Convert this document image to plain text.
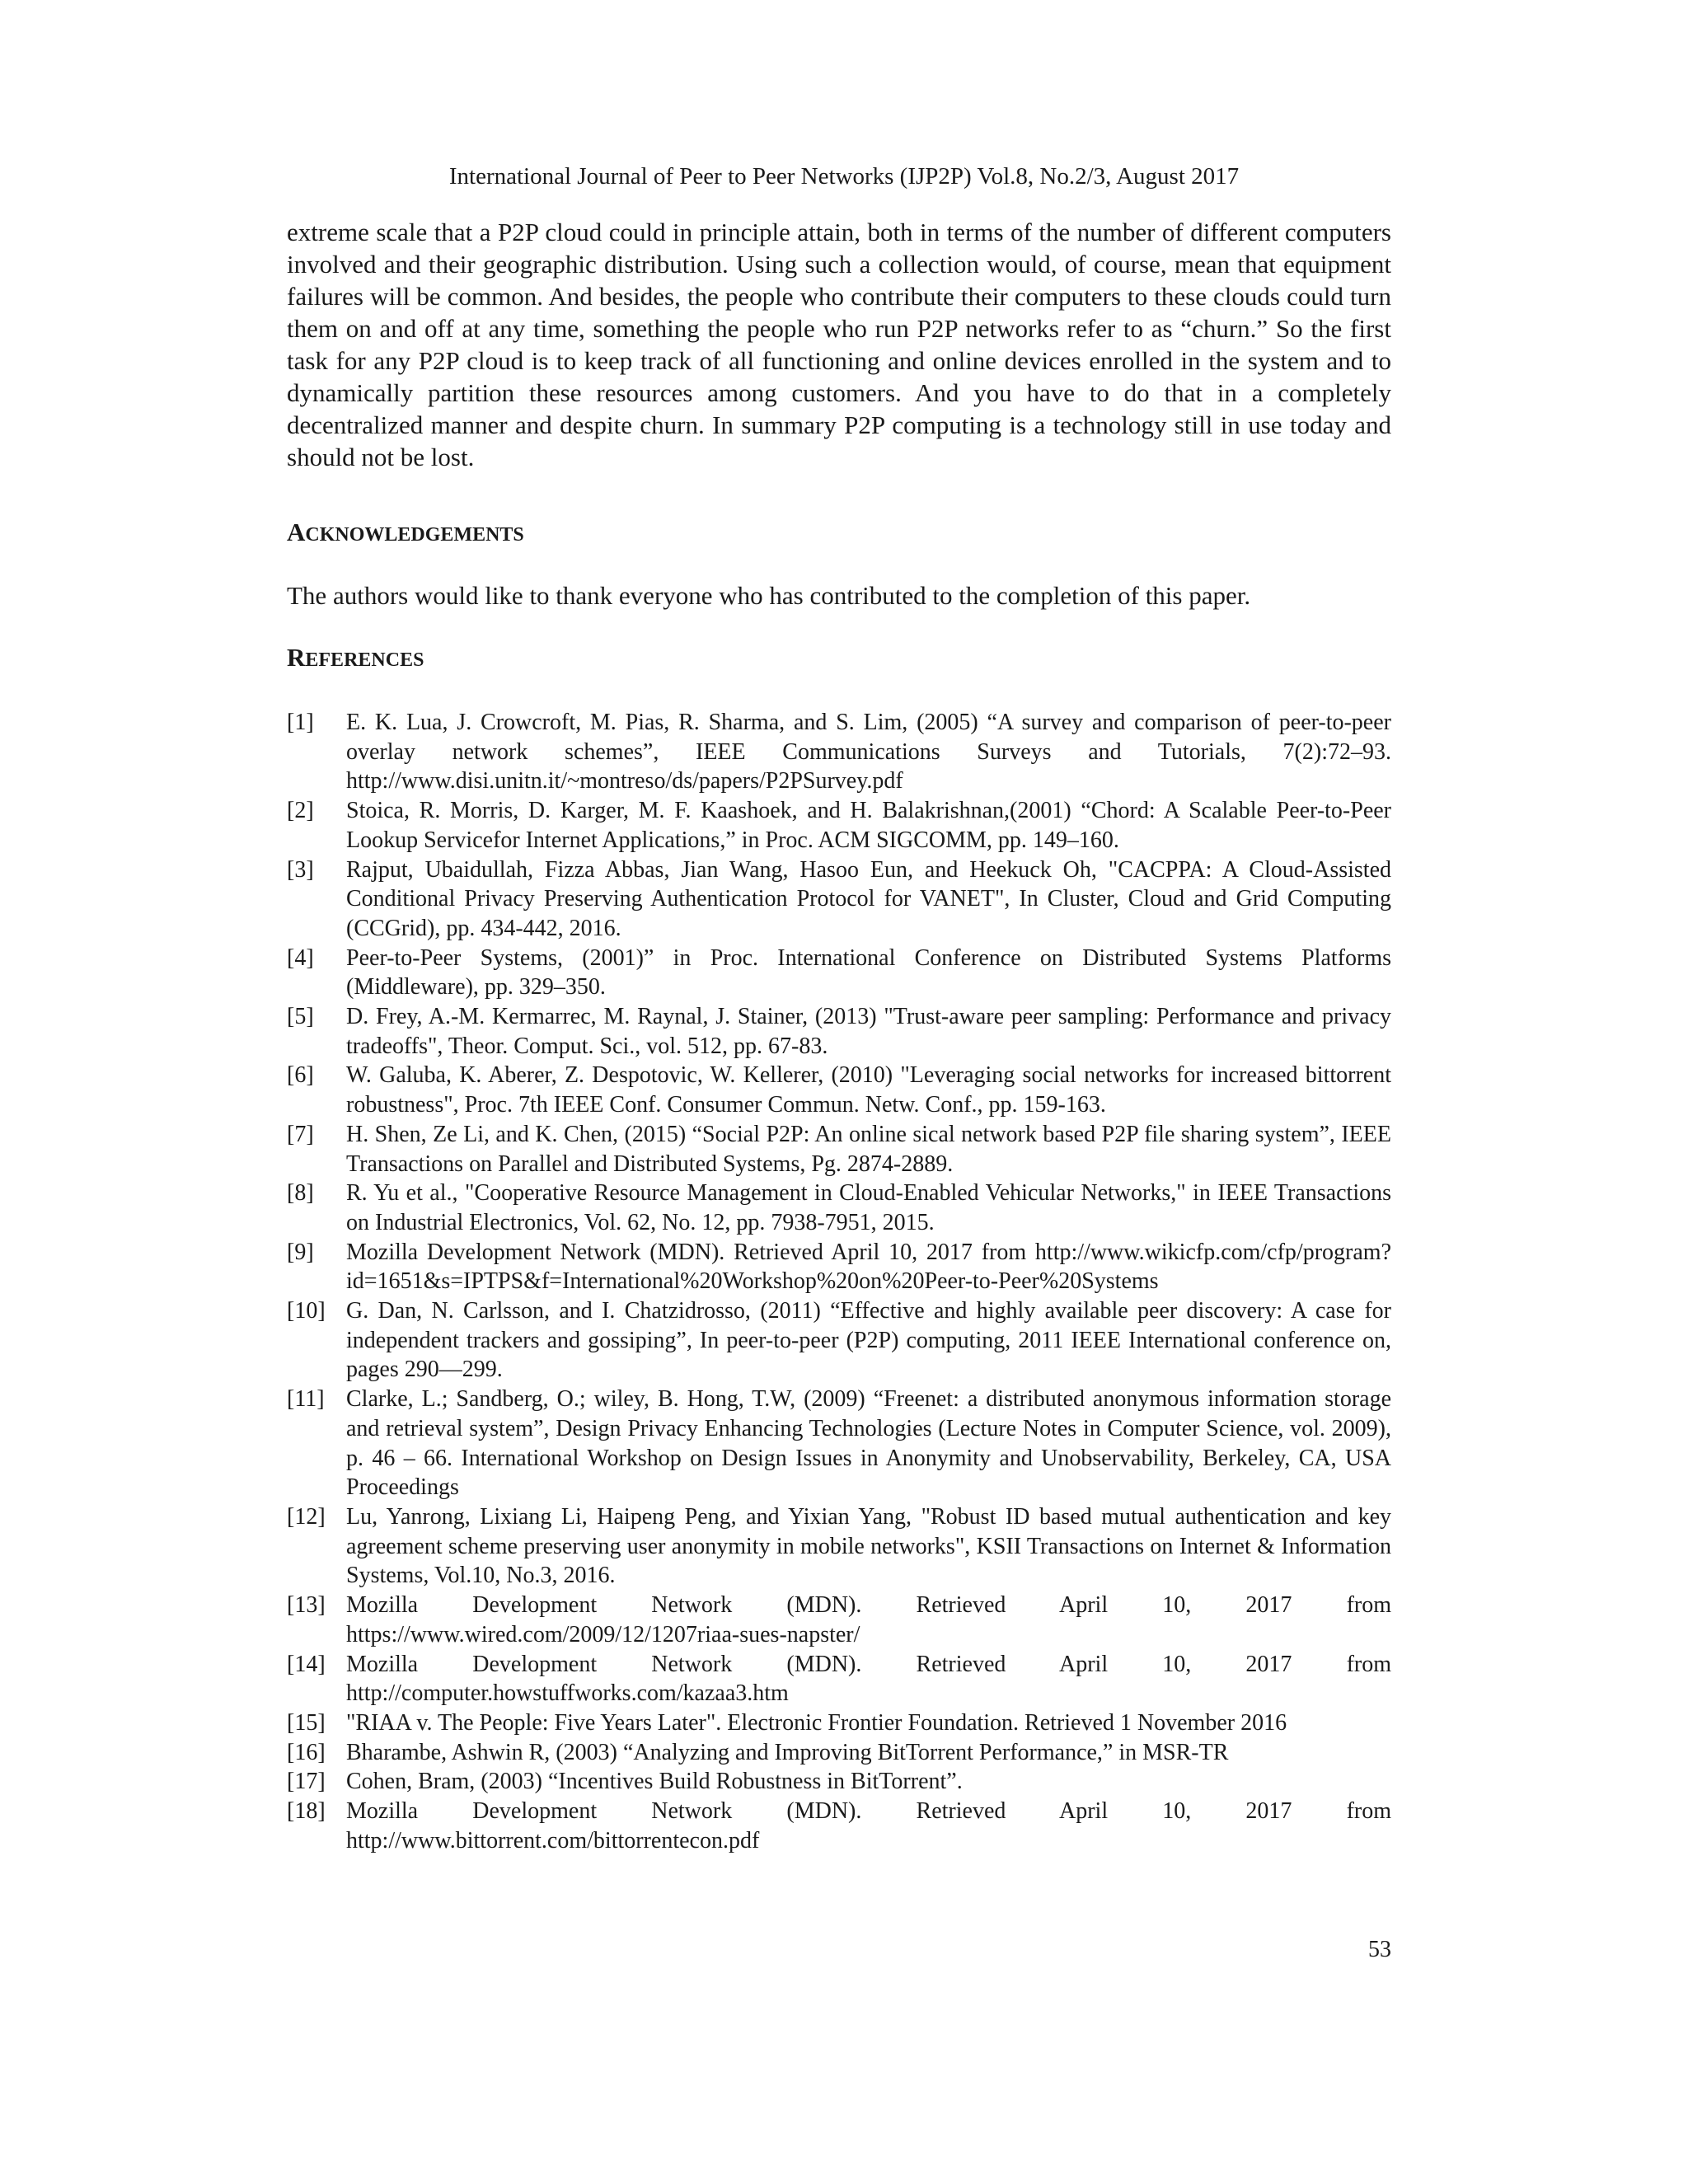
International Journal of Peer to Peer Networks (IJP2P) Vol.8, No.2/3, August 2017

extreme scale that a P2P cloud could in principle attain, both in terms of the number of different computers involved and their geographic distribution. Using such a collection would, of course, mean that equipment failures will be common. And besides, the people who contribute their computers to these clouds could turn them on and off at any time, something the people who run P2P networks refer to as “churn.” So the first task for any P2P cloud is to keep track of all functioning and online devices enrolled in the system and to dynamically partition these resources among customers. And you have to do that in a completely decentralized manner and despite churn. In summary P2P computing is a technology still in use today and should not be lost.

ACKNOWLEDGEMENTS

The authors would like to thank everyone who has contributed to the completion of this paper.

REFERENCES
[1]	E. K. Lua, J. Crowcroft, M. Pias, R. Sharma, and S. Lim, (2005) “A survey and comparison of peer-to-peer overlay network schemes”, IEEE Communications Surveys and Tutorials, 7(2):72–93. http://www.disi.unitn.it/~montreso/ds/papers/P2PSurvey.pdf
[2]	Stoica, R. Morris, D. Karger, M. F. Kaashoek, and H. Balakrishnan,(2001) “Chord: A Scalable Peer-to-Peer Lookup Servicefor Internet Applications,” in Proc. ACM SIGCOMM, pp. 149–160.
[3]	Rajput, Ubaidullah, Fizza Abbas, Jian Wang, Hasoo Eun, and Heekuck Oh, "CACPPA: A Cloud-Assisted Conditional Privacy Preserving Authentication Protocol for VANET", In Cluster, Cloud and Grid Computing (CCGrid), pp. 434-442, 2016.
[4]	Peer-to-Peer Systems, (2001)” in Proc. International Conference on Distributed Systems Platforms (Middleware), pp. 329–350.
[5]	D. Frey, A.-M. Kermarrec, M. Raynal, J. Stainer, (2013) "Trust-aware peer sampling: Performance and privacy tradeoffs", Theor. Comput. Sci., vol. 512, pp. 67-83.
[6]	W. Galuba, K. Aberer, Z. Despotovic, W. Kellerer, (2010) "Leveraging social networks for increased bittorrent robustness", Proc. 7th IEEE Conf. Consumer Commun. Netw. Conf., pp. 159-163.
[7]	H. Shen, Ze Li, and K. Chen, (2015) “Social P2P: An online sical network based P2P file sharing system”, IEEE Transactions on Parallel and Distributed Systems, Pg. 2874-2889.
[8]	R. Yu et al., "Cooperative Resource Management in Cloud-Enabled Vehicular Networks," in IEEE Transactions on Industrial Electronics, Vol. 62, No. 12, pp. 7938-7951, 2015.
[9]	Mozilla Development Network (MDN). Retrieved April 10, 2017 from http://www.wikicfp.com/cfp/program?id=1651&s=IPTPS&f=International%20Workshop%20on%20Peer-to-Peer%20Systems
[10] G. Dan, N. Carlsson, and I. Chatzidrosso, (2011) “Effective and highly available peer discovery: A case for independent trackers and gossiping”, In peer-to-peer (P2P) computing, 2011 IEEE International conference on, pages 290—299.
[11] Clarke, L.; Sandberg, O.; wiley, B. Hong, T.W, (2009) “Freenet: a distributed anonymous information storage and retrieval system”, Design Privacy Enhancing Technologies (Lecture Notes in Computer Science, vol. 2009), p. 46 – 66. International Workshop on Design Issues in Anonymity and Unobservability, Berkeley, CA, USA Proceedings
[12] Lu, Yanrong, Lixiang Li, Haipeng Peng, and Yixian Yang, "Robust ID based mutual authentication and key agreement scheme preserving user anonymity in mobile networks", KSII Transactions on Internet & Information Systems, Vol.10, No.3, 2016.
[13] Mozilla Development Network (MDN). Retrieved April 10, 2017 from https://www.wired.com/2009/12/1207riaa-sues-napster/
[14] Mozilla Development Network (MDN). Retrieved April 10, 2017 from http://computer.howstuffworks.com/kazaa3.htm
[15] "RIAA v. The People: Five Years Later". Electronic Frontier Foundation. Retrieved 1 November 2016
[16] Bharambe, Ashwin R, (2003) “Analyzing and Improving BitTorrent Performance,” in MSR-TR
[17] Cohen, Bram, (2003) “Incentives Build Robustness in BitTorrent”.
[18] Mozilla Development Network (MDN). Retrieved April 10, 2017 from http://www.bittorrent.com/bittorrentecon.pdf
53
